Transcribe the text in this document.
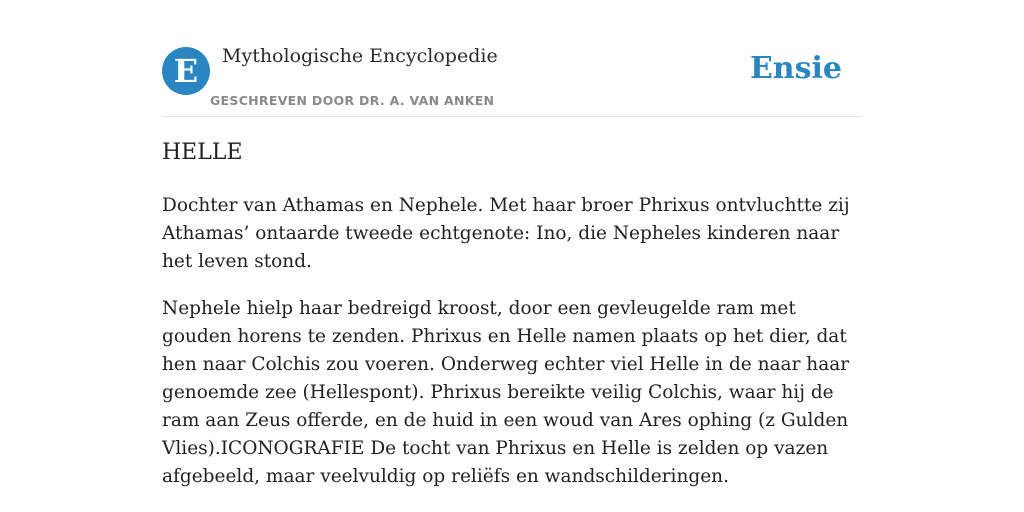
E	Mythologische Encyclopedie
GESCHREVEN DOOR DR. A. VAN ANKEN
Ensie
HELLE

Dochter van Athamas en Nephele. Met haar broer Phrixus ontvluchtte zij Athamas’ ontaarde tweede echtgenote: Ino, die Nepheles kinderen naar het leven stond.

Nephele hielp haar bedreigd kroost, door een gevleugelde ram met gouden horens te zenden. Phrixus en Helle namen plaats op het dier, dat hen naar Colchis zou voeren. Onderweg echter viel Helle in de naar haar genoemde zee (Hellespont). Phrixus bereikte veilig Colchis, waar hij de ram aan Zeus offerde, en de huid in een woud van Ares ophing (z Gulden Vlies).ICONOGRAFIE De tocht van Phrixus en Helle is zelden op vazen afgebeeld, maar veelvuldig op reliëfs en wandschilderingen.
